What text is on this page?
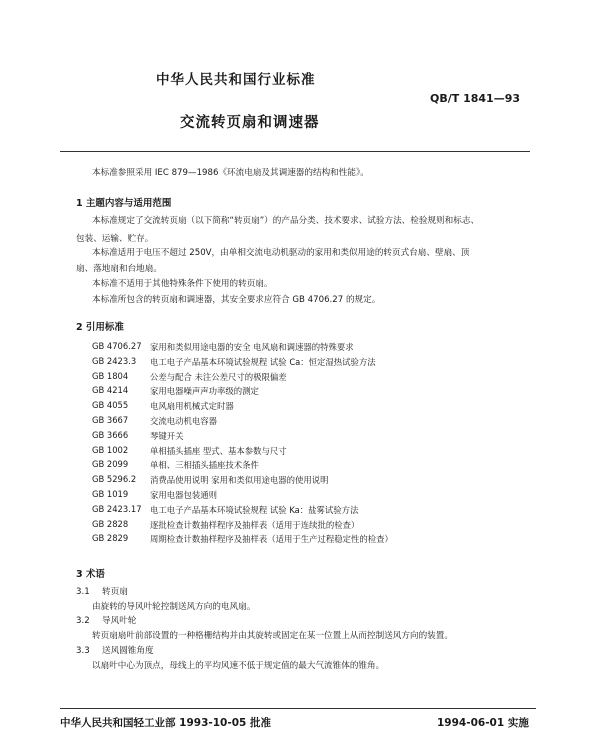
中华人民共和国行业标准
QB/T 1841—93
交流转页扇和调速器
本标准参照采用 IEC 879—1986《环流电扇及其调速器的结构和性能》。
1 主题内容与适用范围
本标准规定了交流转页扇（以下简称“转页扇”）的产品分类、技术要求、试验方法、检验规则和标志、
包装、运输、贮存。
本标准适用于电压不超过 250V，由单相交流电动机驱动的家用和类似用途的转页式台扇、壁扇、顶
扇、落地扇和台地扇。
本标准不适用于其他特殊条件下使用的转页扇。
本标准所包含的转页扇和调速器，其安全要求应符合 GB 4706.27 的规定。
2 引用标准
GB 4706.27 家用和类似用途电器的安全 电风扇和调速器的特殊要求
GB 2423.3 电工电子产品基本环境试验规程 试验 Ca：恒定湿热试验方法
GB 1804	公差与配合 未注公差尺寸的极限偏差
GB 4214	家用电器噪声声功率级的测定
GB 4055	电风扇用机械式定时器
GB 3667	交流电动机电容器
GB 3666	琴键开关
GB 1002	单相插头插座 型式、基本参数与尺寸
GB 2099	单相、三相插头插座技术条件
GB 5296.2 消费品使用说明 家用和类似用途电器的使用说明
GB 1019	家用电器包装通则
GB 2423.17 电工电子产品基本环境试验规程 试验 Ka：盐雾试验方法
GB 2828	逐批检查计数抽样程序及抽样表（适用于连续批的检查）
GB 2829	周期检查计数抽样程序及抽样表（适用于生产过程稳定性的检查）
3 术语
3.1 转页扇
由旋转的导风叶轮控制送风方向的电风扇。
3.2 导风叶轮
转页扇扇叶前部设置的一种格栅结构并由其旋转或固定在某一位置上从而控制送风方向的装置。
3.3 送风圆锥角度
以扇叶中心为顶点，母线上的平均风速不低于规定值的最大气流锥体的锥角。
中华人民共和国轻工业部 1993-10-05 批准	1994-06-01 实施
